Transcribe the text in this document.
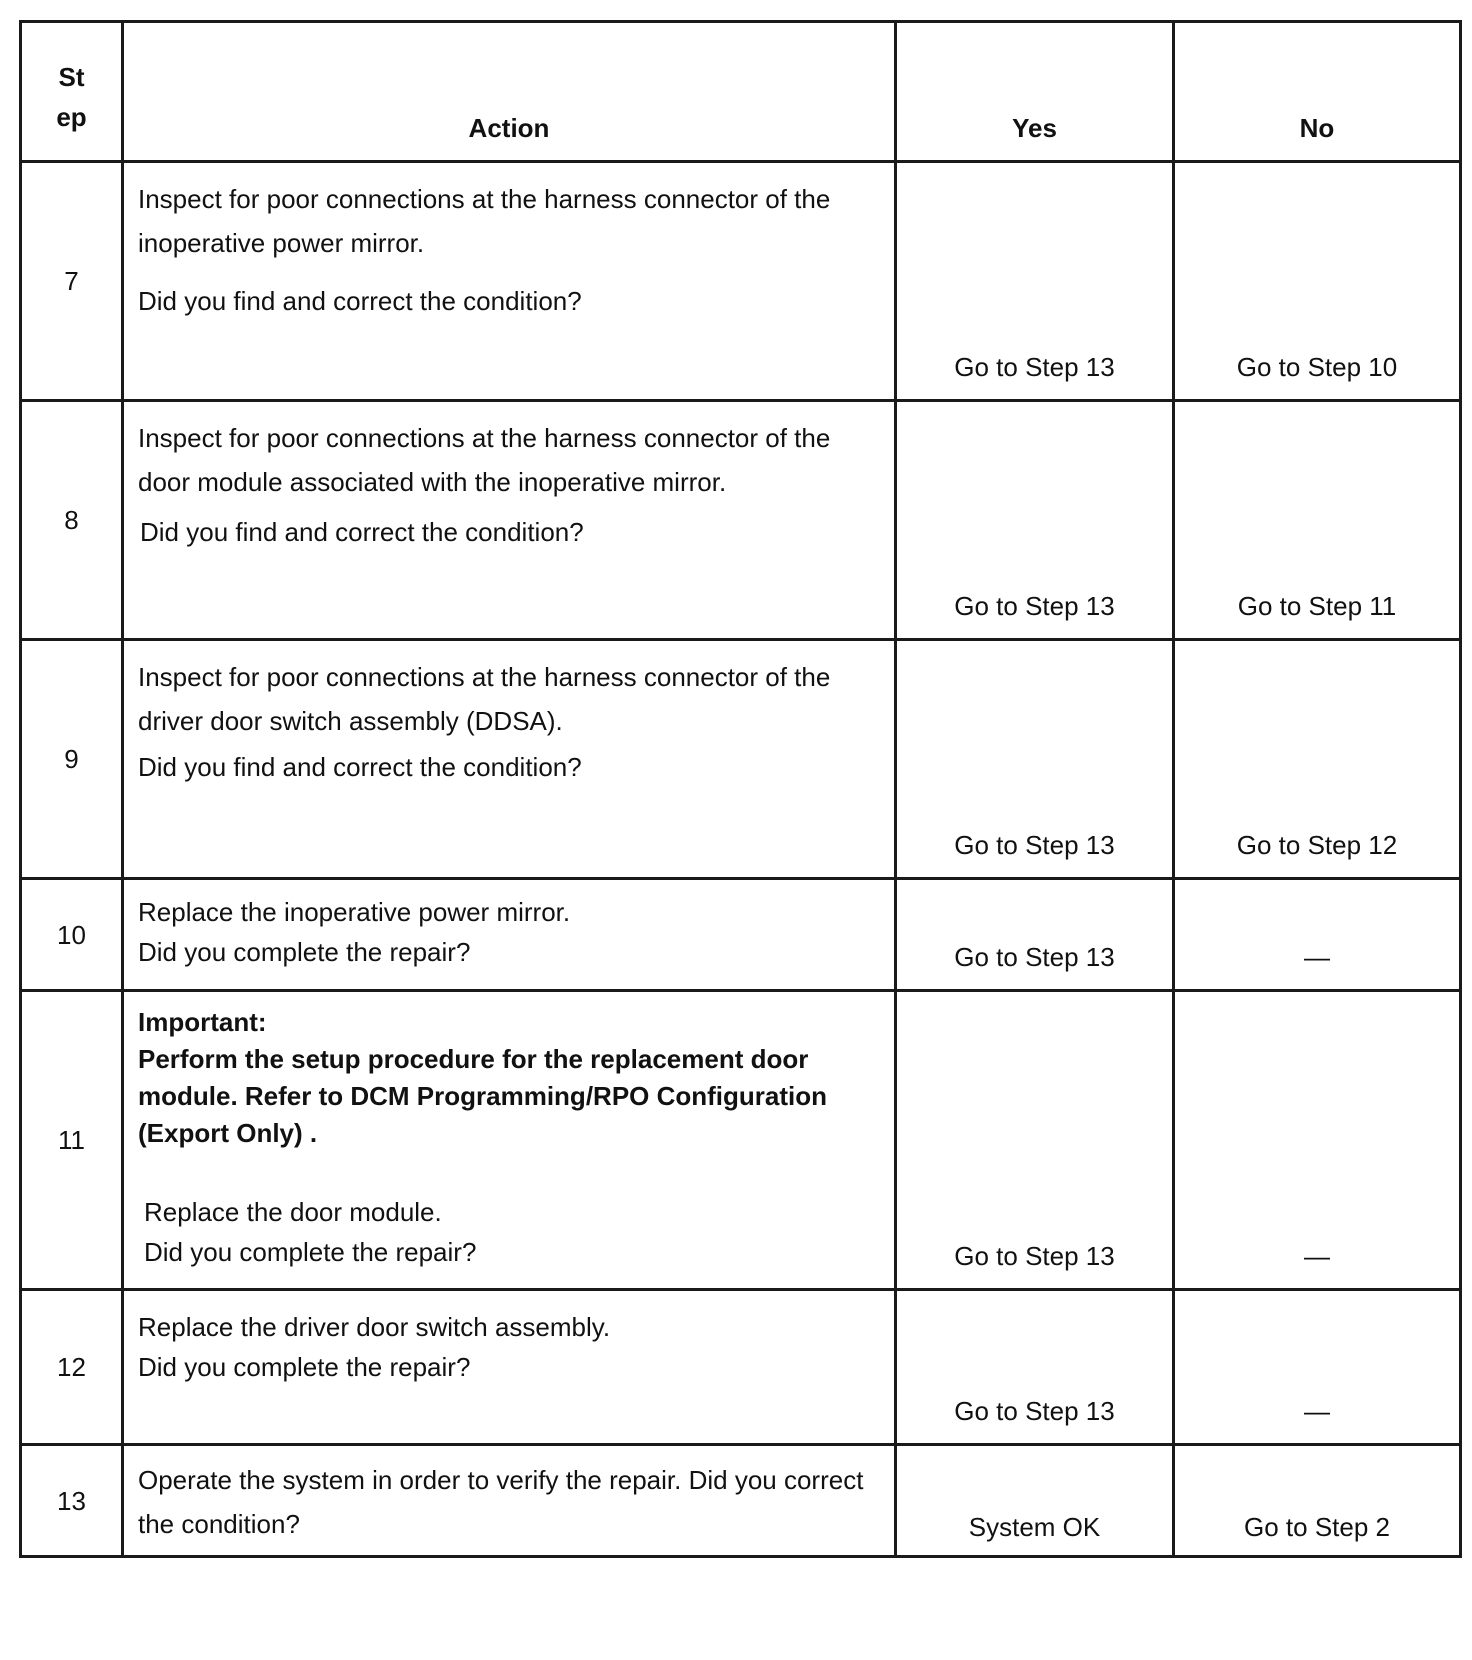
St
ep	Action	Yes	No
7	Inspect for poor connections at the harness connector of the inoperative power mirror.
Did you find and correct the condition?	Go to Step 13	Go to Step 10
8	Inspect for poor connections at the harness connector of the door module associated with the inoperative mirror.
Did you find and correct the condition?	Go to Step 13	Go to Step 11
9	Inspect for poor connections at the harness connector of the driver door switch assembly (DDSA).
Did you find and correct the condition?	Go to Step 13	Go to Step 12
10	Replace the inoperative power mirror.
Did you complete the repair?	Go to Step 13	—
11	Important:
Perform the setup procedure for the replacement door module. Refer to DCM Programming/RPO Configuration (Export Only) .
Replace the door module.
Did you complete the repair?	Go to Step 13	—
12	Replace the driver door switch assembly.
Did you complete the repair?	Go to Step 13	—
13	Operate the system in order to verify the repair. Did you correct the condition?	System OK	Go to Step 2
